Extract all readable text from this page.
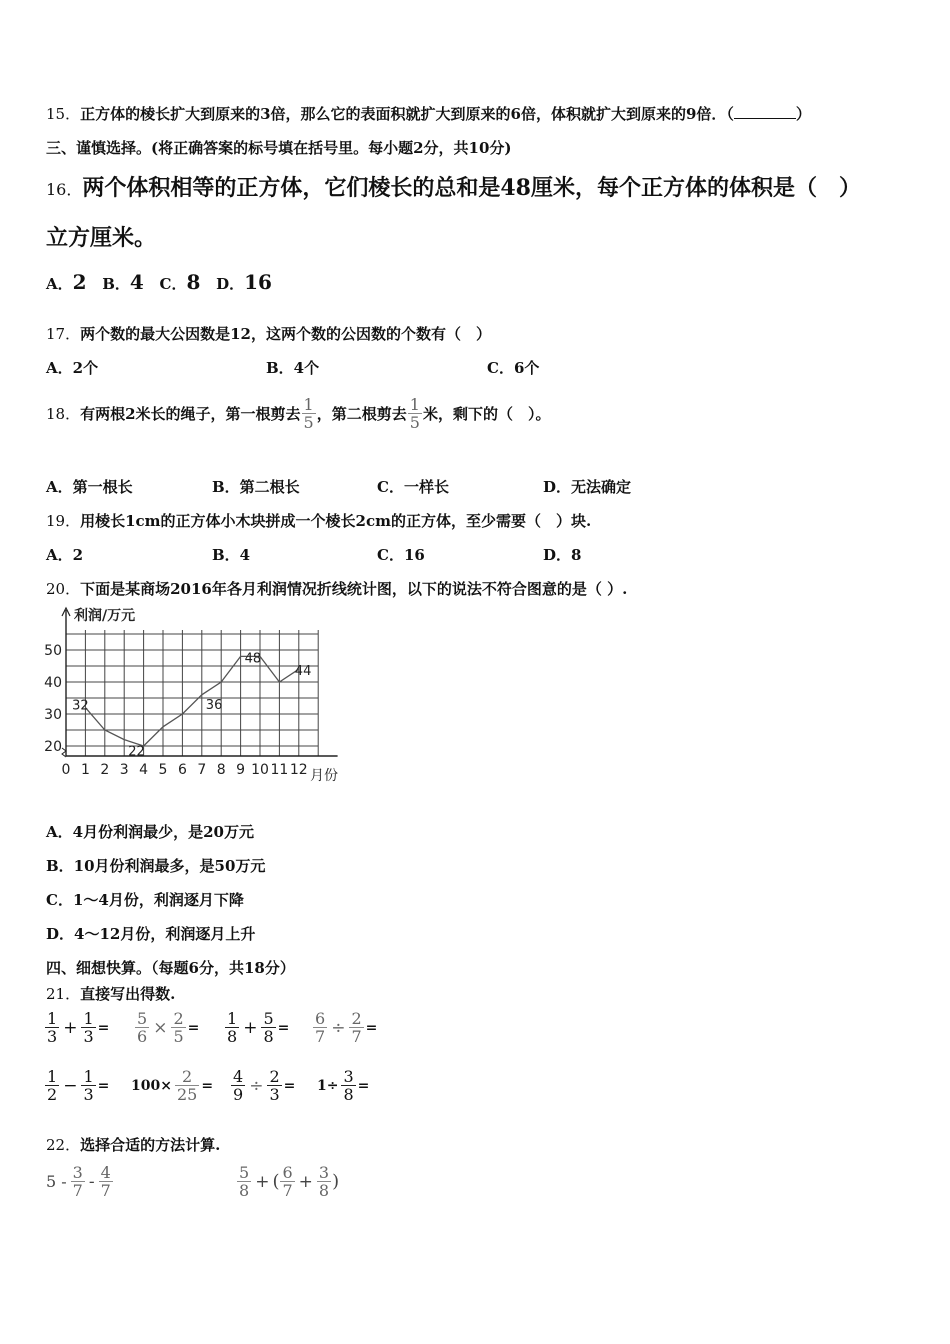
15．正方体的棱长扩大到原来的3倍，那么它的表面积就扩大到原来的6倍，体积就扩大到原来的9倍．（	）
三、谨慎选择。(将正确答案的标号填在括号里。每小题2分，共10分)
16．两个体积相等的正方体，它们棱长的总和是48厘米，每个正方体的体积是（　）
立方厘米。
A．2 B．4 C．8 D．16
17．两个数的最大公因数是12，这两个数的公因数的个数有（　）
A．2个	B．4个	C．6个
18． 有两根2米长的绳子，第一根剪去 $\frac{1}{5}$ ，第二根剪去 $\frac{1}{5}$ 米，剩下的（　）。
A．第一根长	B．第二根长	C．一样长	D．无法确定
19．用棱长1cm的正方体小木块拼成一个棱长2cm的正方体，至少需要（　）块.
A．2	B．4	C．16	D．8
20．下面是某商场2016年各月利润情况折线统计图，以下的说法不符合图意的是（ ）.
0 1 2 3 4 5 6 7 8 9 10 11 12
20
30
40
50
32
22
36
48
44
利润/万元
月份
A．4月份利润最少，是20万元
B．10月份利润最多，是50万元
C．1～4月份，利润逐月下降
D．4～12月份，利润逐月上升
四、细想快算。（每题6分，共18分）
21．直接写出得数.
$\frac{1}{3} + \frac{1}{3} = \frac{5}{6} \times \frac{2}{5} = \frac{1}{8} + \frac{5}{8} = \frac{6}{7} \div \frac{2}{7}$ =
$\frac{1}{2} - \frac{1}{3} = 100\times \frac{2}{25} = \frac{4}{9} \div \frac{2}{3} = 1\div \frac{3}{8}$ =
22．选择合适的方法计算.
$5 - \frac{3}{7} - \frac{4}{7}$	$\frac{5}{8}$ + ( $\frac{6}{7} + \frac{3}{8}$ )
